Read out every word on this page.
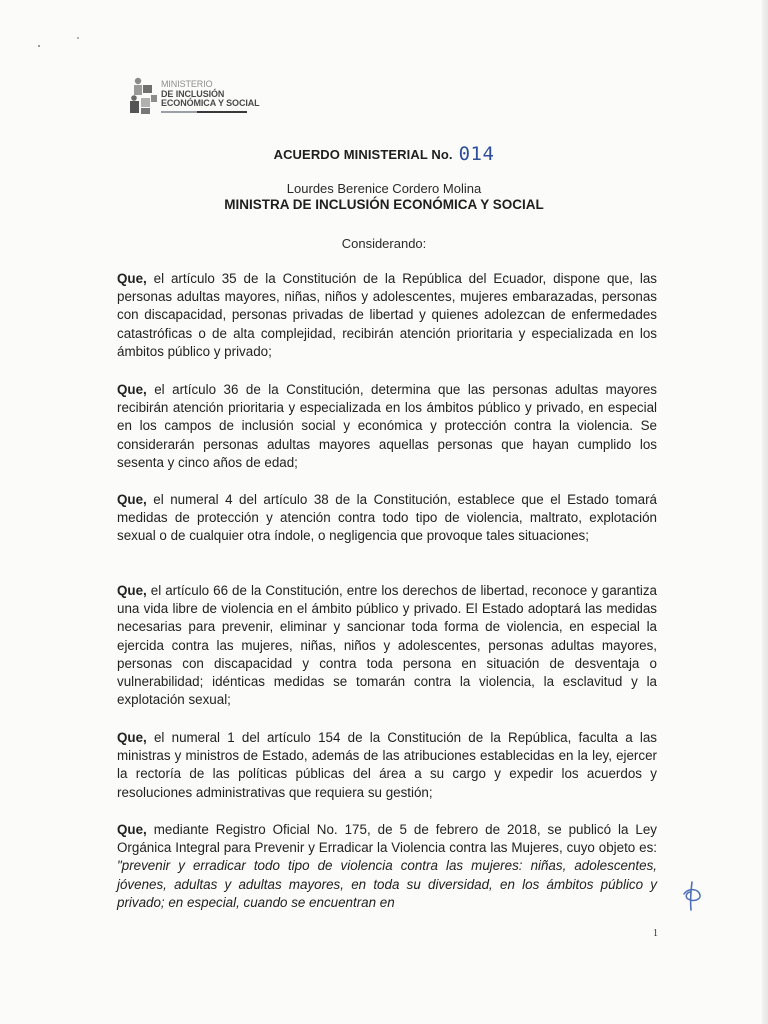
MINISTERIO
DE INCLUSIÓN
ECONÓMICA Y SOCIAL
ACUERDO MINISTERIAL No. 014
Lourdes Berenice Cordero Molina
MINISTRA DE INCLUSIÓN ECONÓMICA Y SOCIAL
Considerando:
Que, el artículo 35 de la Constitución de la República del Ecuador, dispone que, las personas adultas mayores, niñas, niños y adolescentes, mujeres embarazadas, personas con discapacidad, personas privadas de libertad y quienes adolezcan de enfermedades catastróficas o de alta complejidad, recibirán atención prioritaria y especializada en los ámbitos público y privado;
Que, el artículo 36 de la Constitución, determina que las personas adultas mayores recibirán atención prioritaria y especializada en los ámbitos público y privado, en especial en los campos de inclusión social y económica y protección contra la violencia. Se considerarán personas adultas mayores aquellas personas que hayan cumplido los sesenta y cinco años de edad;
Que, el numeral 4 del artículo 38 de la Constitución, establece que el Estado tomará medidas de protección y atención contra todo tipo de violencia, maltrato, explotación sexual o de cualquier otra índole, o negligencia que provoque tales situaciones;
Que, el artículo 66 de la Constitución, entre los derechos de libertad, reconoce y garantiza una vida libre de violencia en el ámbito público y privado. El Estado adoptará las medidas necesarias para prevenir, eliminar y sancionar toda forma de violencia, en especial la ejercida contra las mujeres, niñas, niños y adolescentes, personas adultas mayores, personas con discapacidad y contra toda persona en situación de desventaja o vulnerabilidad; idénticas medidas se tomarán contra la violencia, la esclavitud y la explotación sexual;
Que, el numeral 1 del artículo 154 de la Constitución de la República, faculta a las ministras y ministros de Estado, además de las atribuciones establecidas en la ley, ejercer la rectoría de las políticas públicas del área a su cargo y expedir los acuerdos y resoluciones administrativas que requiera su gestión;
Que, mediante Registro Oficial No. 175, de 5 de febrero de 2018, se publicó la Ley Orgánica Integral para Prevenir y Erradicar la Violencia contra las Mujeres, cuyo objeto es: "prevenir y erradicar todo tipo de violencia contra las mujeres: niñas, adolescentes, jóvenes, adultas y adultas mayores, en toda su diversidad, en los ámbitos público y privado; en especial, cuando se encuentran en
1
